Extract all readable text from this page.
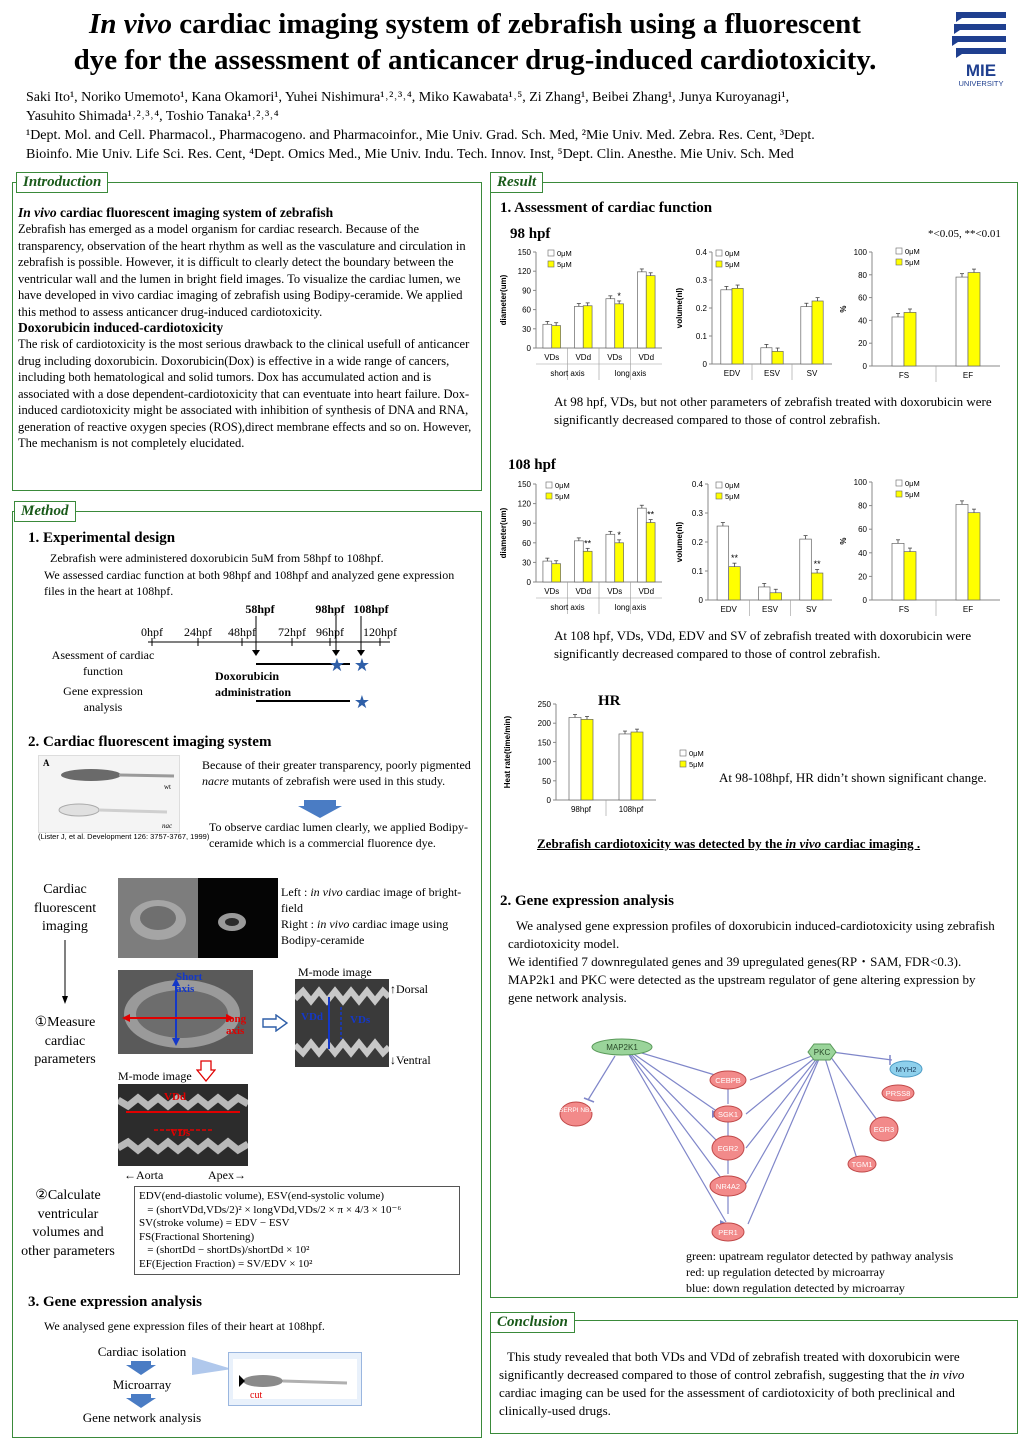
In vivo cardiac imaging system of zebrafish using a fluorescent
dye for the assessment of anticancer drug-induced cardiotoxicity.	MIE
UNIVERSITY
Saki Ito¹, Noriko Umemoto¹, Kana Okamori¹, Yuhei Nishimura¹˒²˒³˒⁴, Miko Kawabata¹˒⁵, Zi Zhang¹, Beibei Zhang¹, Junya Kuroyanagi¹,
Yasuhito Shimada¹˒²˒³˒⁴, Toshio Tanaka¹˒²˒³˒⁴
¹Dept. Mol. and Cell. Pharmacol., Pharmacogeno. and Pharmacoinfor., Mie Univ. Grad. Sch. Med, ²Mie Univ. Med. Zebra. Res. Cent, ³Dept.
Bioinfo. Mie Univ. Life Sci. Res. Cent, ⁴Dept. Omics Med., Mie Univ. Indu. Tech. Innov. Inst, ⁵Dept. Clin. Anesthe. Mie Univ. Sch. Med
Introduction
In vivo cardiac fluorescent imaging system of zebrafish
Zebrafish has emerged as a model organism for cardiac research. Because of the transparency, observation of the heart rhythm as well as the vasculature and circulation in zebrafish is possible. However, it is difficult to clearly detect the boundary between the ventricular wall and the lumen in bright field images. To visualize the cardiac lumen, we have developed in vivo cardiac imaging of zebrafish using Bodipy-ceramide. We applied this method to assess anticancer drug-induced cardiotoxicity.
Doxorubicin induced-cardiotoxicity
The risk of cardiotoxicity is the most serious drawback to the clinical usefull of anticancer drug including doxorubicin. Doxorubicin(Dox) is effective in a wide range of cancers, including both hematological and solid tumors. Dox has accumulated action and is associated with a dose dependent-cardiotoxicity that can eventuate into heart failure. Dox-induced cardiotoxicity might be associated with inhibition of synthesis of DNA and RNA, generation of reactive oxygen species (ROS),direct membrane effects and so on. However, The mechanism is not completely elucidated.
Method
1. Experimental design
Zebrafish were administered doxorubicin 5uM from 58hpf to 108hpf.
We assessed cardiac function at both 98hpf and 108hpf and analyzed gene expression files in the heart at 108hpf.
58hpf	98hpf 108hpf
0hpf 24hpf 48hpf 72hpf 96hpf 120hpf
★ ★
★
Asessment of cardiac function
Gene expression analysis
Doxorubicin administration
2. Cardiac fluorescent imaging system
A
wt
nac
(Lister J, et al. Development 126: 3757-3767, 1999)
Because of their greater transparency, poorly pigmented nacre mutants of zebrafish were used in this study.
To observe cardiac lumen clearly, we applied Bodipy-ceramide which is a commercial fluorence dye.
Cardiac fluorescent imaging
①Measure cardiac parameters
②Calculate ventricular volumes and other parameters
Left : in vivo cardiac image of bright-field
Right : in vivo cardiac image using Bodipy-ceramide
Short axis
long axis
M-mode image
VDd VDs
↑Dorsal
↓Ventral
M-mode image
VDd
VDs
←Aorta	Apex→
EDV(end-diastolic volume), ESV(end-systolic volume)
= (shortVDd,VDs/2)² × longVDd,VDs/2 × π × 4/3 × 10⁻⁶
SV(stroke volume) = EDV − ESV
FS(Fractional Shortening)
= (shortDd − shortDs)/shortDd × 10²
EF(Ejection Fraction) = SV/EDV × 10²
3. Gene expression analysis
We analysed gene expression files of their heart at 108hpf.
Cardiac isolation
Microarray
Gene network analysis
cut
Result
1. Assessment of cardiac function
98 hpf	*<0.05, **<0.01
0
30
60
90
120
150
diameter(um)
VDs VDd
*
VDs VDd
short axis	long axis
0μM
5μM
0
0.1
0.2
0.3
0.4
volume(nl)
EDV	ESV	SV
0μM
5μM
0
20
40
60
80
100
%
FS	EF
0μM
5μM
At 98 hpf, VDs, but not other parameters of zebrafish treated with doxorubicin were significantly decreased compared to those of control zebrafish.
108 hpf
0
30
60
90
120
150
diameter(um)
VDs
**
VDd
*
VDs
**
VDd
short axis	long axis
0μM
5μM
0
0.1
0.2
0.3
0.4
volume(nl)	**
EDV	ESV
**
SV
0μM
5μM
0
20
40
60
80
100
%
FS	EF
0μM
5μM
At 108 hpf, VDs, VDd, EDV and SV of zebrafish treated with doxorubicin were significantly decreased compared to those of control zebrafish.
HR
0
50
100
150
200
250
Heat rate(time/min)
98hpf	108hpf
0μM
5μM
At 98-108hpf, HR didn’t shown significant change.
Zebrafish cardiotoxicity was detected by the in vivo cardiac imaging .
2. Gene expression analysis
We analysed gene expression profiles of doxorubicin induced-cardiotoxicity using zebrafish cardiotoxicity model.
We identified 7 downregulated genes and 39 upregulated genes(RP・SAM, FDR<0.3).
MAP2k1 and PKC were detected as the upstream regulator of gene altering expression by gene network analysis.
MAP2K1
PKC
SERPI NB1
CEBPB
SGK1
EGR2
NR4A2
PER1
MYH2
PRSS8
EGR3
TGM1
green: upatream regulator detected by pathway analysis
red: up regulation detected by microarray
blue: down regulation detected by microarray
Conclusion
This study revealed that both VDs and VDd of zebrafish treated with doxorubicin were significantly decreased compared to those of control zebrafish, suggesting that the in vivo cardiac imaging can be used for the assessment of cardiotoxicity of both preclinical and clinically-used drugs.
